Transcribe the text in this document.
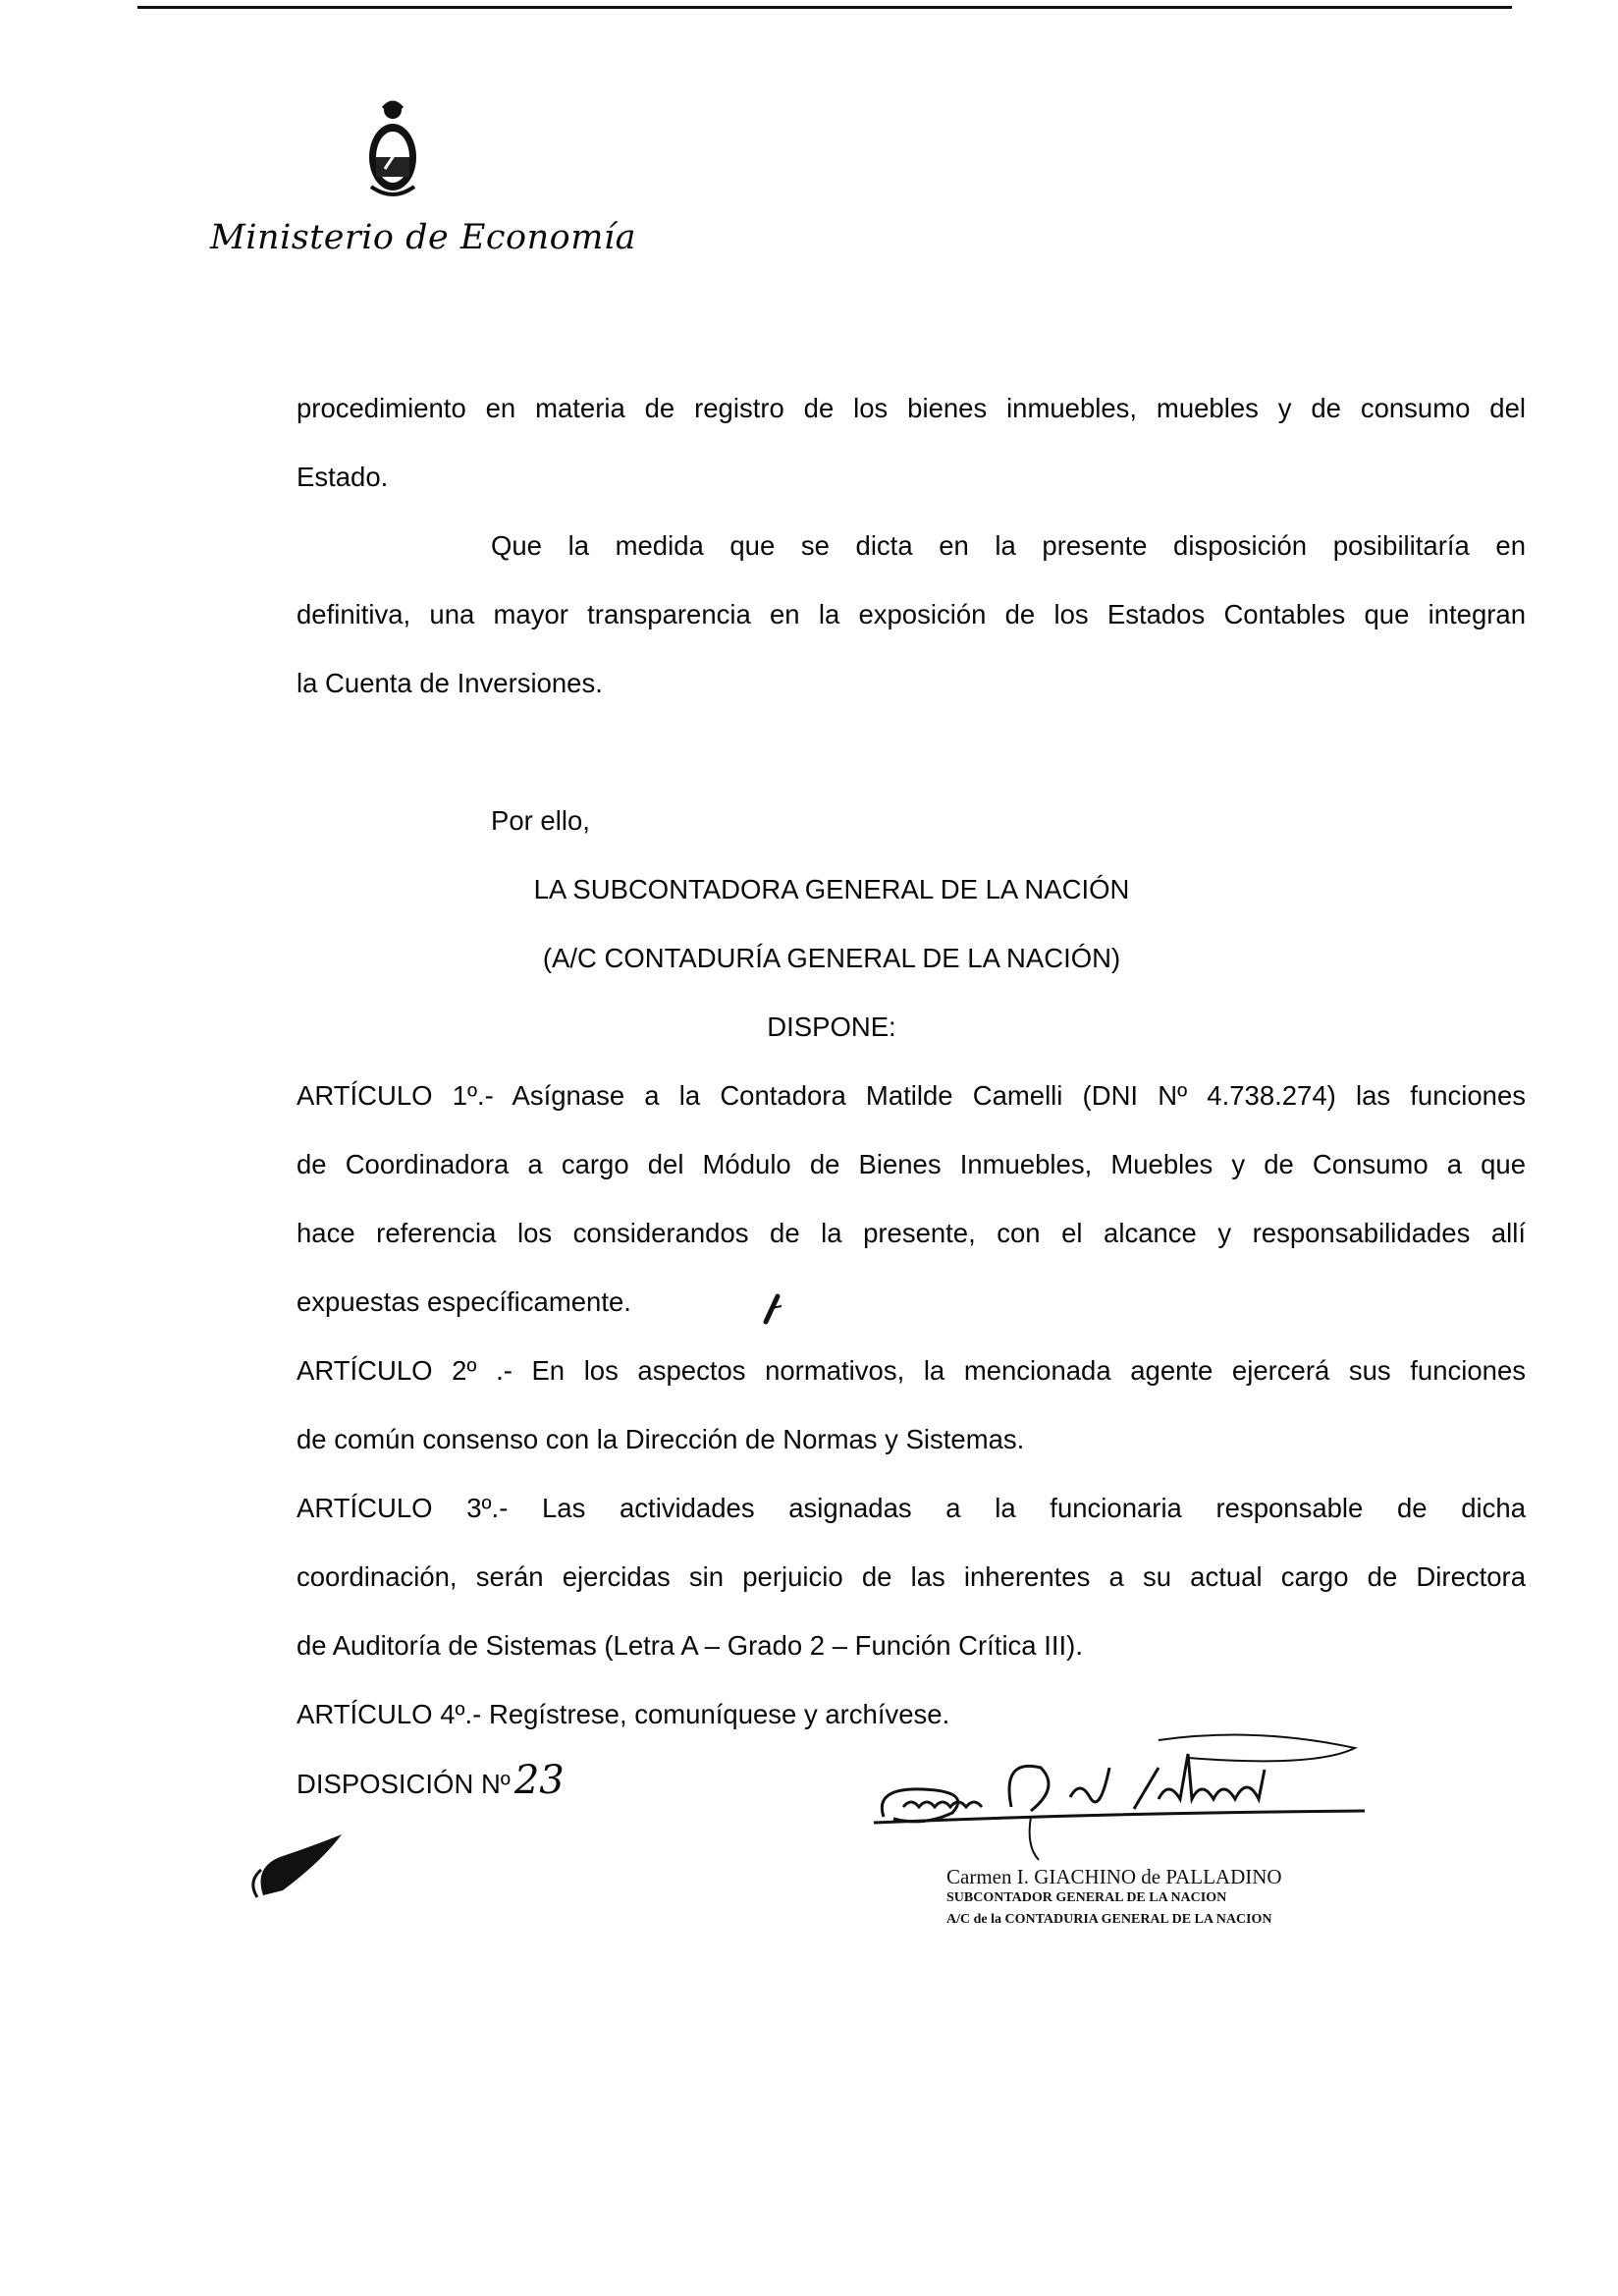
Ministerio de Economía
procedimiento en materia de registro de los bienes inmuebles, muebles y de consumo del
Estado.
Que la medida que se dicta en la presente disposición posibilitaría en
definitiva, una mayor transparencia en la exposición de los Estados Contables que integran
la Cuenta de Inversiones.
Por ello,
LA SUBCONTADORA GENERAL DE LA NACIÓN
(A/C CONTADURÍA GENERAL DE LA NACIÓN)
DISPONE:
ARTÍCULO 1º.- Asígnase a la Contadora Matilde Camelli (DNI Nº 4.738.274) las funciones
de Coordinadora a cargo del Módulo de Bienes Inmuebles, Muebles y de Consumo a que
hace referencia los considerandos de la presente, con el alcance y responsabilidades allí
expuestas específicamente.
ARTÍCULO 2º .- En los aspectos normativos, la mencionada agente ejercerá sus funciones
de común consenso con la Dirección de Normas y Sistemas.
ARTÍCULO 3º.- Las actividades asignadas a la funcionaria responsable de dicha
coordinación, serán ejercidas sin perjuicio de las inherentes a su actual cargo de Directora
de Auditoría de Sistemas (Letra A – Grado 2 – Función Crítica III).
ARTÍCULO 4º.- Regístrese, comuníquese y archívese.
DISPOSICIÓN Nº 23
Carmen I. GIACHINO de PALLADINO
SUBCONTADOR GENERAL DE LA NACION
A/C de la CONTADURIA GENERAL DE LA NACION
